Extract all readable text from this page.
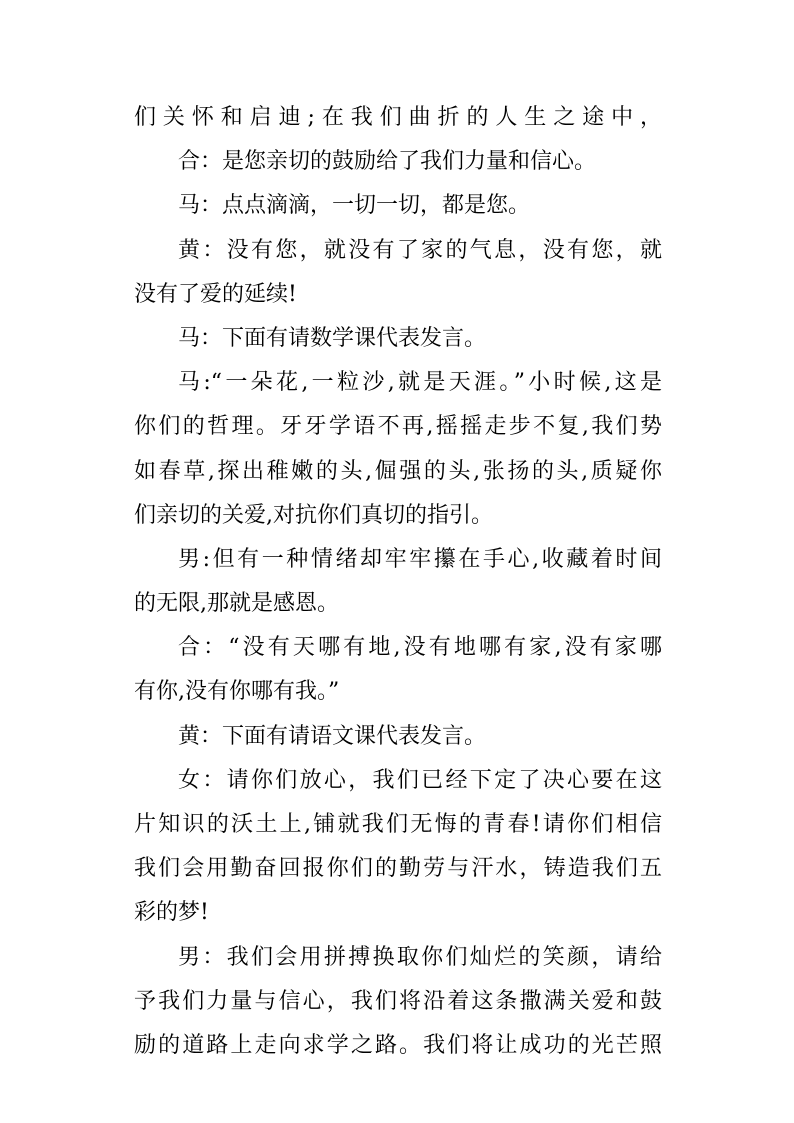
们关怀和启迪;在我们曲折的人生之途中，
合：是您亲切的鼓励给了我们力量和信心。
马：点点滴滴，一切一切，都是您。
黄：没有您，就没有了家的气息，没有您，就
没有了爱的延续!
马：下面有请数学课代表发言。
马:“一朵花,一粒沙,就是天涯。”小时候,这是
你们的哲理。牙牙学语不再,摇摇走步不复,我们势
如春草,探出稚嫩的头,倔强的头,张扬的头,质疑你
们亲切的关爱,对抗你们真切的指引。
男:但有一种情绪却牢牢攥在手心,收藏着时间
的无限,那就是感恩。
合：“没有天哪有地,没有地哪有家,没有家哪
有你,没有你哪有我。”
黄：下面有请语文课代表发言。
女：请你们放心，我们已经下定了决心要在这
片知识的沃土上,铺就我们无悔的青春!请你们相信
我们会用勤奋回报你们的勤劳与汗水，铸造我们五
彩的梦!
男：我们会用拼搏换取你们灿烂的笑颜，请给
予我们力量与信心，我们将沿着这条撒满关爱和鼓
励的道路上走向求学之路。我们将让成功的光芒照
